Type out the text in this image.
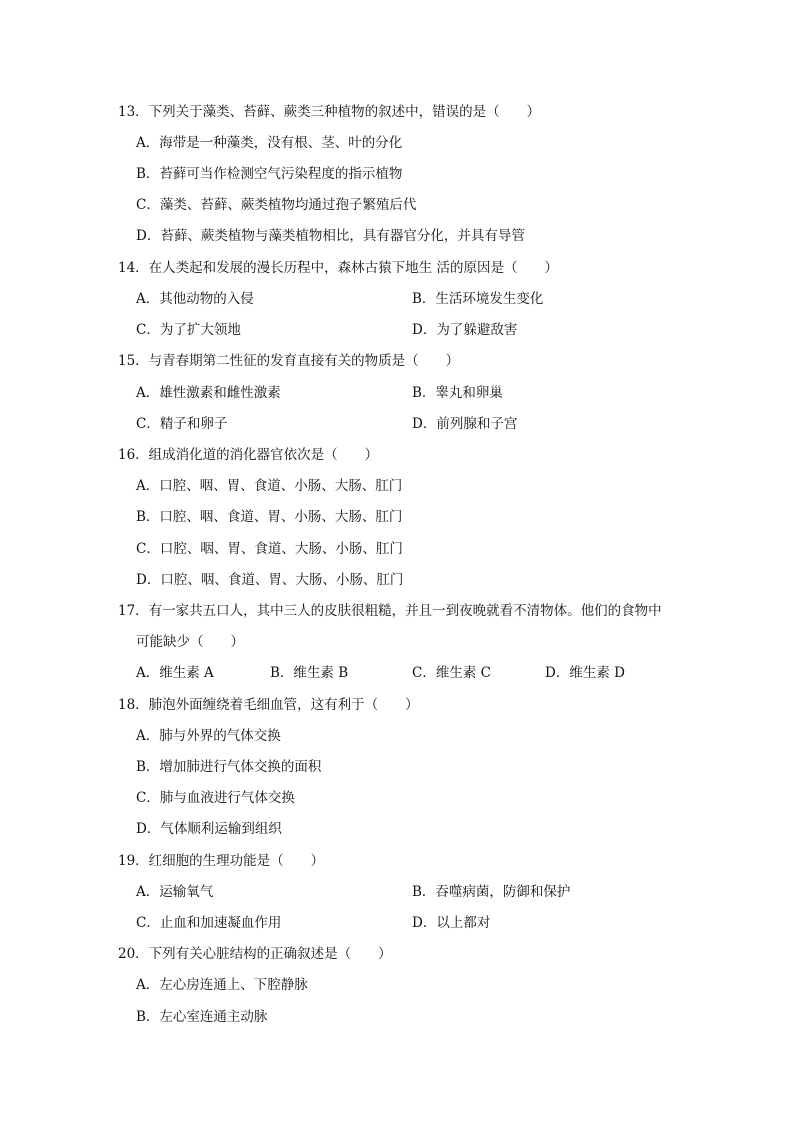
13．下列关于藻类、苔藓、蕨类三种植物的叙述中，错误的是（　　）
A．海带是一种藻类，没有根、茎、叶的分化
B．苔藓可当作检测空气污染程度的指示植物
C．藻类、苔藓、蕨类植物均通过孢子繁殖后代
D．苔藓、蕨类植物与藻类植物相比，具有器官分化，并具有导管
14．在人类起和发展的漫长历程中，森林古猿下地生 活的原因是（　　）
A．其他动物的入侵	B．生活环境发生变化
C．为了扩大领地	D．为了躲避敌害
15．与青春期第二性征的发育直接有关的物质是（　　）
A．雄性激素和雌性激素	B．睾丸和卵巢
C．精子和卵子	D．前列腺和子宫
16．组成消化道的消化器官依次是（　　）
A．口腔、咽、胃、食道、小肠、大肠、肛门
B．口腔、咽、食道、胃、小肠、大肠、肛门
C．口腔、咽、胃、食道、大肠、小肠、肛门
D．口腔、咽、食道、胃、大肠、小肠、肛门
17．有一家共五口人，其中三人的皮肤很粗糙，并且一到夜晚就看不清物体。他们的食物中
可能缺少（　　）
A．维生素 A	B．维生素 B	C．维生素 C	D．维生素 D
18．肺泡外面缠绕着毛细血管，这有利于（　　）
A．肺与外界的气体交换
B．增加肺进行气体交换的面积
C．肺与血液进行气体交换
D．气体顺利运输到组织
19．红细胞的生理功能是（　　）
A．运输氧气	B．吞噬病菌，防御和保护
C．止血和加速凝血作用	D．以上都对
20．下列有关心脏结构的正确叙述是（　　）
A．左心房连通上、下腔静脉
B．左心室连通主动脉
